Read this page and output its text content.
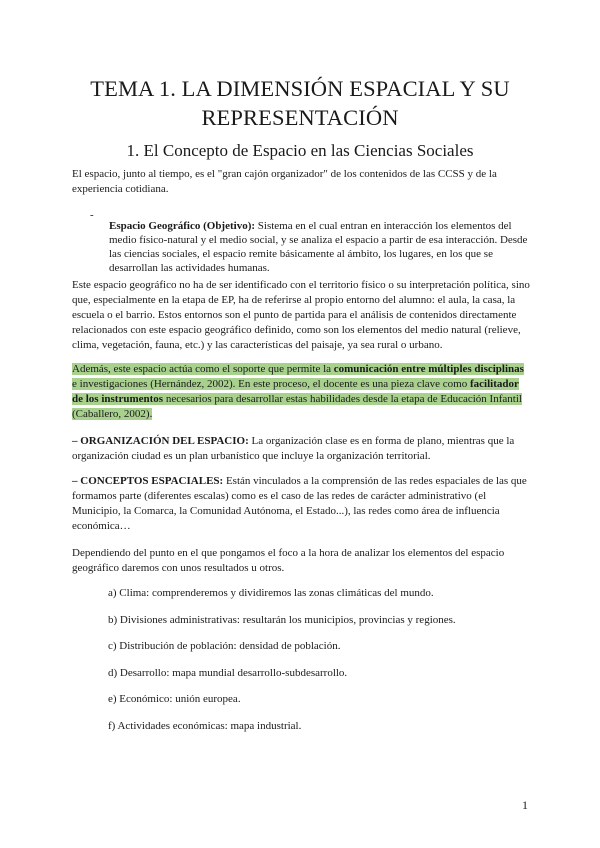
TEMA 1. LA DIMENSIÓN ESPACIAL Y SU REPRESENTACIÓN
1. El Concepto de Espacio en las Ciencias Sociales

El espacio, junto al tiempo, es el "gran cajón organizador" de los contenidos de las CCSS y de la experiencia cotidiana.

-

Espacio Geográfico (Objetivo): Sistema en el cual entran en interacción los elementos del medio físico-natural y el medio social, y se analiza el espacio a partir de esa interacción. Desde las ciencias sociales, el espacio remite básicamente al ámbito, los lugares, en los que se desarrollan las actividades humanas.

Este espacio geográfico no ha de ser identificado con el territorio físico o su interpretación política, sino que, especialmente en la etapa de EP, ha de referirse al propio entorno del alumno: el aula, la casa, la escuela o el barrio. Estos entornos son el punto de partida para el análisis de contenidos directamente relacionados con este espacio geográfico definido, como son los elementos del medio natural (relieve, clima, vegetación, fauna, etc.) y las características del paisaje, ya sea rural o urbano.

Además, este espacio actúa como el soporte que permite la comunicación entre múltiples disciplinas e investigaciones (Hernández, 2002). En este proceso, el docente es una pieza clave como facilitador de los instrumentos necesarios para desarrollar estas habilidades desde la etapa de Educación Infantil (Caballero, 2002).

– ORGANIZACIÓN DEL ESPACIO: La organización clase es en forma de plano, mientras que la organización ciudad es un plan urbanístico que incluye la organización territorial.

– CONCEPTOS ESPACIALES: Están vinculados a la comprensión de las redes espaciales de las que formamos parte (diferentes escalas) como es el caso de las redes de carácter administrativo (el Municipio, la Comarca, la Comunidad Autónoma, el Estado...), las redes como área de influencia económica…

Dependiendo del punto en el que pongamos el foco a la hora de analizar los elementos del espacio geográfico daremos con unos resultados u otros.

a) Clima: comprenderemos y dividiremos las zonas climáticas del mundo.
b) Divisiones administrativas: resultarán los municipios, provincias y regiones.
c) Distribución de población: densidad de población.
d) Desarrollo: mapa mundial desarrollo-subdesarrollo.
e) Económico: unión europea.
f) Actividades económicas: mapa industrial.
1
